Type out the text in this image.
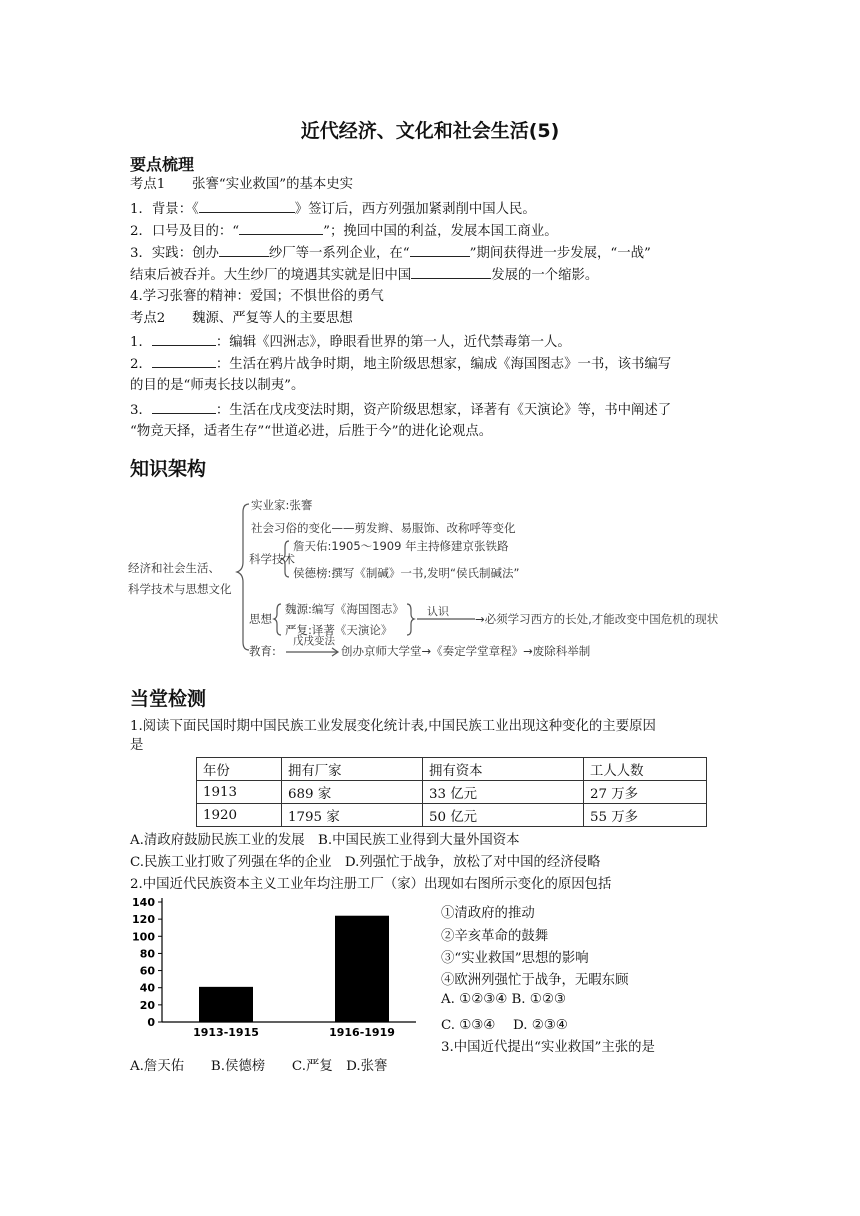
近代经济、文化和社会生活(5)
要点梳理
考点1　　张謇“实业救国”的基本史实
1．背景：《	》签订后，西方列强加紧剥削中国人民。
2．口号及目的：“	”；挽回中国的利益，发展本国工商业。
3．实践：创办	纱厂等一系列企业，在“	”期间获得进一步发展，“一战”
结束后被吞并。大生纱厂的境遇其实就是旧中国	发展的一个缩影。
4.学习张謇的精神：爱国；不惧世俗的勇气
考点2　　魏源、严复等人的主要思想
1．	：编辑《四洲志》，睁眼看世界的第一人，近代禁毒第一人。
2．	：生活在鸦片战争时期，地主阶级思想家，编成《海国图志》一书，该书编写
的目的是“师夷长技以制夷”。
3．	：生活在戊戌变法时期，资产阶级思想家，译著有《天演论》等，书中阐述了
“物竞天择，适者生存”“世道必进，后胜于今”的进化论观点。
知识架构
经济和社会生活、
科学技术与思想文化
实业家:张謇
社会习俗的变化——剪发辫、易服饰、改称呼等变化
科学技术
詹天佑:1905～1909 年主持修建京张铁路
侯德榜:撰写《制碱》一书,发明“侯氏制碱法”
思想
魏源:编写《海国图志》
严复:译著《天演论》
认识
→必须学习西方的长处,才能改变中国危机的现状
教育:
戊戌变法
创办京师大学堂→《奏定学堂章程》→废除科举制
当堂检测
1.阅读下面民国时期中国民族工业发展变化统计表,中国民族工业出现这种变化的主要原因
是
年份	拥有厂家	拥有资本	工人人数
1913	689 家	33 亿元	27 万多
1920	1795 家	50 亿元	55 万多
A.清政府鼓励民族工业的发展　B.中国民族工业得到大量外国资本
C.民族工业打败了列强在华的企业　D.列强忙于战争，放松了对中国的经济侵略
2.中国近代民族资本主义工业年均注册工厂（家）出现如右图所示变化的原因包括
0
20
40
60
80
100
120
140
1913-1915	1916-1919
①清政府的推动
②辛亥革命的鼓舞
③“实业救国”思想的影响
④欧洲列强忙于战争，无暇东顾
A. ①②③④ B. ①②③
C. ①③④　 D. ②③④
3.中国近代提出“实业救国”主张的是
A.詹天佑　　B.侯德榜　　C.严复　D.张謇
